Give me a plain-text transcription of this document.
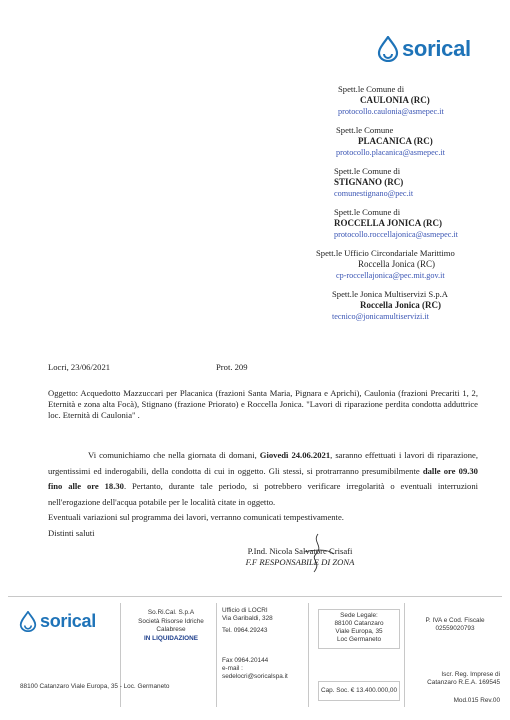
sorical
Spett.le Comune di
CAULONIA (RC)
protocollo.caulonia@asmepec.it
Spett.le Comune
PLACANICA (RC)
protocollo.placanica@asmepec.it
Spett.le Comune di
STIGNANO (RC)
comunestignano@pec.it
Spett.le Comune di
ROCCELLA JONICA (RC)
protocollo.roccellajonica@asmepec.it
Spett.le Ufficio Circondariale Marittimo
Roccella Jonica (RC)
cp-roccellajonica@pec.mit.gov.it
Spett.le Jonica Multiservizi S.p.A
Roccella Jonica (RC)
tecnico@jonicamultiservizi.it
Locri, 23/06/2021	Prot. 209
Oggetto: Acquedotto Mazzuccari per Placanica (frazioni Santa Maria, Pignara e Aprichi), Caulonia (frazioni Precariti 1, 2, Eternità e zona alta Focà), Stignano (frazione Priorato) e Roccella Jonica. "Lavori di riparazione perdita condotta adduttrice loc. Eternità di Caulonia" .

Vi comunichiamo che nella giornata di domani, Giovedì 24.06.2021, saranno effettuati i lavori di riparazione, urgentissimi ed inderogabili, della condotta di cui in oggetto. Gli stessi, si protrarranno presumibilmente dalle ore 09.30 fino alle ore 18.30. Pertanto, durante tale periodo, si potrebbero verificare irregolarità o eventuali interruzioni nell'erogazione dell'acqua potabile per le località citate in oggetto.

Eventuali variazioni sul programma dei lavori, verranno comunicati tempestivamente.

Distinti saluti

P.Ind. Nicola Salvatore Crisafi
F.F RESPONSABILE DI ZONA
sorical	So.Ri.Cal. S.p.A
Società Risorse Idriche
Calabrese
IN LIQUIDAZIONE
Ufficio di LOCRI
Via Garibaldi, 328
Tel. 0964.29243
Sede Legale:
88100 Catanzaro
Viale Europa, 35
Loc Germaneto
P. IVA e Cod. Fiscale
02559020793
88100 Catanzaro Viale Europa, 35 - Loc. Germaneto
Fax 0964.20144
e-mail :
sedelocri@soricalspa.it
Cap. Soc. € 13.400.000,00
Iscr. Reg. Imprese di
Catanzaro R.E.A. 169545
Mod.015 Rev.00
